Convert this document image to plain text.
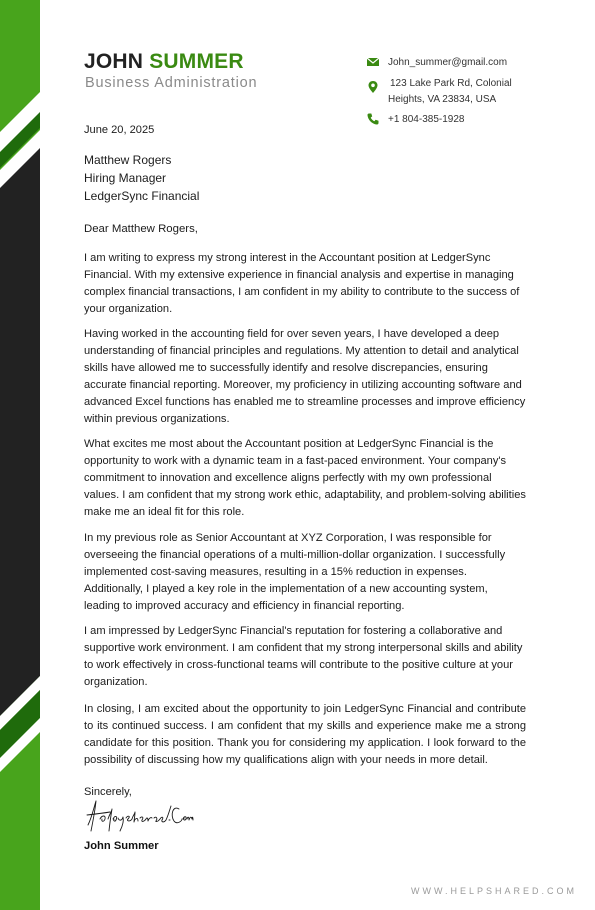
JOHN SUMMER
Business Administration
John_summer@gmail.com
123 Lake Park Rd, Colonial
Heights, VA 23834, USA
+1 804-385-1928
June 20, 2025
Matthew Rogers
Hiring Manager
LedgerSync Financial
Dear Matthew Rogers,

I am writing to express my strong interest in the Accountant position at LedgerSync Financial. With my extensive experience in financial analysis and expertise in managing complex financial transactions, I am confident in my ability to contribute to the success of your organization.

Having worked in the accounting field for over seven years, I have developed a deep understanding of financial principles and regulations. My attention to detail and analytical skills have allowed me to successfully identify and resolve discrepancies, ensuring accurate financial reporting. Moreover, my proficiency in utilizing accounting software and advanced Excel functions has enabled me to streamline processes and improve efficiency within previous organizations.

What excites me most about the Accountant position at LedgerSync Financial is the opportunity to work with a dynamic team in a fast-paced environment. Your company's commitment to innovation and excellence aligns perfectly with my own professional values. I am confident that my strong work ethic, adaptability, and problem-solving abilities make me an ideal fit for this role.

In my previous role as Senior Accountant at XYZ Corporation, I was responsible for overseeing the financial operations of a multi-million-dollar organization. I successfully implemented cost-saving measures, resulting in a 15% reduction in expenses. Additionally, I played a key role in the implementation of a new accounting system, leading to improved accuracy and efficiency in financial reporting.

I am impressed by LedgerSync Financial's reputation for fostering a collaborative and supportive work environment. I am confident that my strong interpersonal skills and ability to work effectively in cross-functional teams will contribute to the positive culture at your organization.

In closing, I am excited about the opportunity to join LedgerSync Financial and contribute to its continued success. I am confident that my skills and experience make me a strong candidate for this position. Thank you for considering my application. I look forward to the possibility of discussing how my qualifications align with your needs in more detail.

Sincerely,
John Summer
WWW.HELPSHARED.COM
